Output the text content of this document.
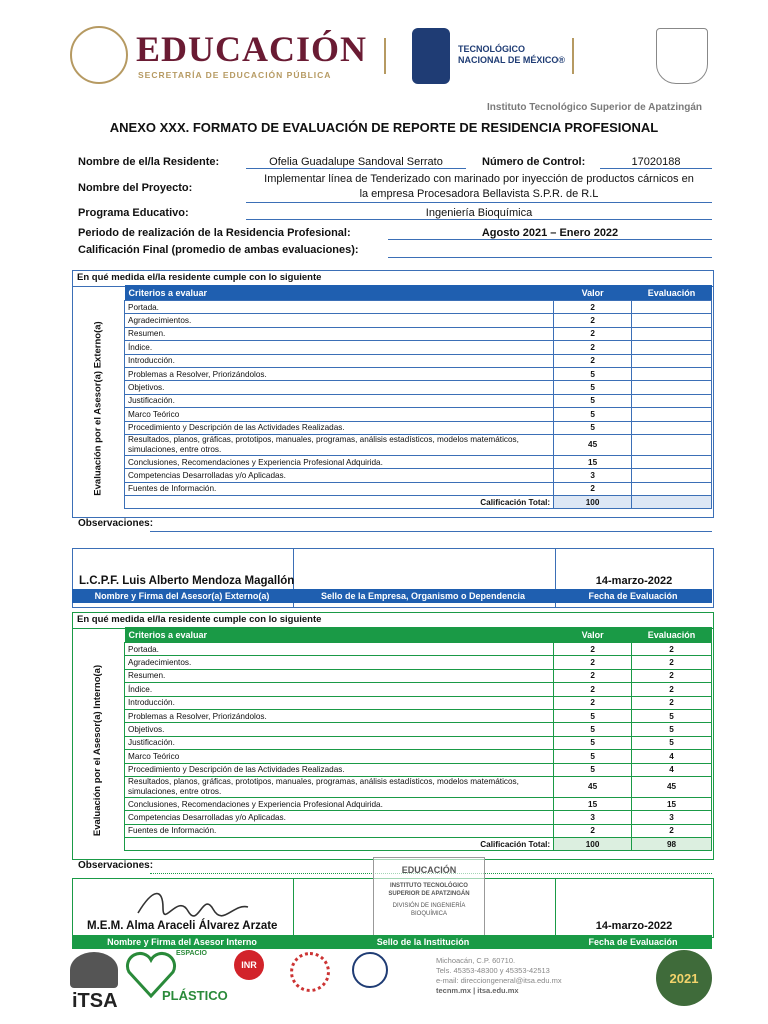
EDUCACIÓN
SECRETARÍA DE EDUCACIÓN PÚBLICA
TECNOLÓGICO
NACIONAL DE MÉXICO®
Instituto Tecnológico Superior de Apatzingán
ANEXO XXX. FORMATO DE EVALUACIÓN DE REPORTE DE RESIDENCIA PROFESIONAL
Nombre de el/la Residente:	Ofelia Guadalupe Sandoval Serrato	Número de Control:	17020188
Nombre del Proyecto:
Implementar línea de Tenderizado con marinado por inyección de productos cárnicos en
la empresa Procesadora Bellavista S.P.R. de R.L
Programa Educativo:	Ingeniería Bioquímica
Periodo de realización de la Residencia Profesional:	Agosto 2021 – Enero 2022
Calificación Final (promedio de ambas evaluaciones):
En qué medida el/la residente cumple con lo siguiente
Evaluación por el Asesor(a) Externo(a)
Criterios a evaluar	Valor	Evaluación
Portada.	2	
Agradecimientos.	2	
Resumen.	2	
Índice.	2	
Introducción.	2	
Problemas a Resolver, Priorizándolos.	5	
Objetivos.	5	
Justificación.	5	
Marco Teórico	5	
Procedimiento y Descripción de las Actividades Realizadas.	5	
Resultados, planos, gráficas, prototipos, manuales, programas, análisis estadísticos, modelos matemáticos, simulaciones, entre otros.	45	
Conclusiones, Recomendaciones y Experiencia Profesional Adquirida.	15	
Competencias Desarrolladas y/o Aplicadas.	3	
Fuentes de Información.	2	
Calificación Total:	100	
Observaciones:
L.C.P.F. Luis Alberto Mendoza Magallón	14-marzo-2022
Nombre y Firma del Asesor(a) Externo(a)	Sello de la Empresa, Organismo o Dependencia	Fecha de Evaluación
En qué medida el/la residente cumple con lo siguiente
Evaluación por el Asesor(a) Interno(a)
Criterios a evaluar	Valor	Evaluación
Portada.	2	2
Agradecimientos.	2	2
Resumen.	2	2
Índice.	2	2
Introducción.	2	2
Problemas a Resolver, Priorizándolos.	5	5
Objetivos.	5	5
Justificación.	5	5
Marco Teórico	5	4
Procedimiento y Descripción de las Actividades Realizadas.	5	4
Resultados, planos, gráficas, prototipos, manuales, programas, análisis estadísticos, modelos matemáticos, simulaciones, entre otros.	45	45
Conclusiones, Recomendaciones y Experiencia Profesional Adquirida.	15	15
Competencias Desarrolladas y/o Aplicadas.	3	3
Fuentes de Información.	2	2
Calificación Total:	100	98
Observaciones:
M.E.M. Alma Araceli Álvarez Arzate
EDUCACIÓN
INSTITUTO TECNOLÓGICO
SUPERIOR DE APATZINGÁN
DIVISIÓN DE INGENIERÍA BIOQUÍMICA
14-marzo-2022
Nombre y Firma del Asesor Interno	Sello de la Institución	Fecha de Evaluación
iTSA
ESPACIO
PLÁSTICO
INR	Michoacán, C.P. 60710.
Tels. 45353-48300 y 45353-42513
e-mail: direcciongeneral@itsa.edu.mx
tecnm.mx | itsa.edu.mx
2021
